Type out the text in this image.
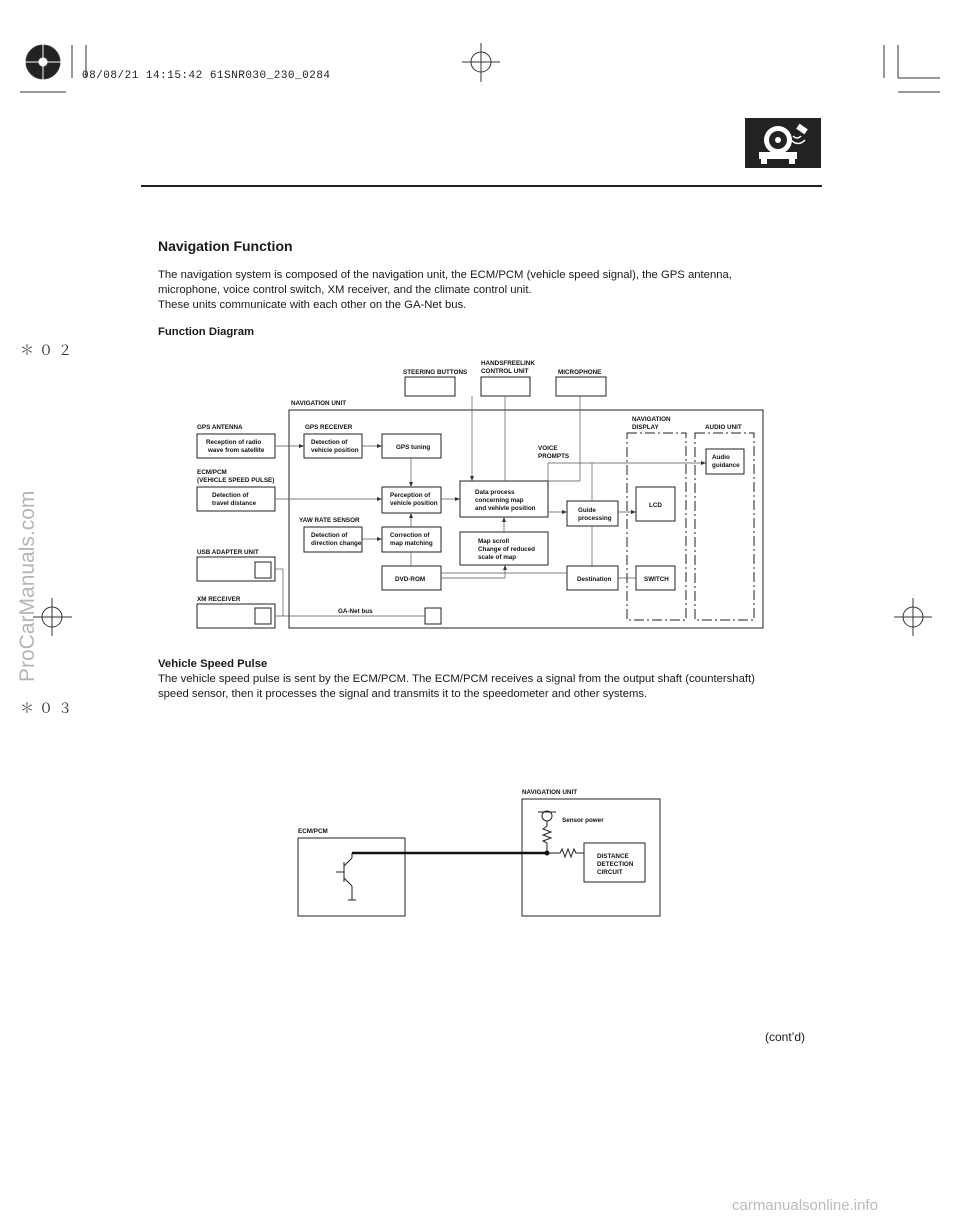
08/08/21 14:15:42 61SNR030_230_0284
ProCarManuals.com
carmanualsonline.info
＊０２
＊０３
Navigation Function
The navigation system is composed of the navigation unit, the ECM/PCM (vehicle speed signal), the GPS antenna,
microphone, voice control switch, XM receiver, and the climate control unit.
These units communicate with each other on the GA-Net bus.
Function Diagram
STEERING BUTTONS
HANDSFREELINK
CONTROL UNIT	MICROPHONE
NAVIGATION UNIT
NAVIGATION
DISPLAY	AUDIO UNIT
GPS ANTENNA	GPS RECEIVER
ECM/PCM
(VEHICLE SPEED PULSE)
YAW RATE SENSOR
USB ADAPTER UNIT
XM RECEIVER
GA-Net bus
VOICE
PROMPTS
Reception of radio
wave from satellite
Detection of
vehicle position	GPS tuning
Detection of
travel distance
Perception of
vehicle position
Data process
concerning map
and vehivle position	Guide
processing
LCD
Audio
guidance
Detection of
direction change
Correction of
map matching	Map scroll
Change of reduced
scale of map
DVD-ROM	Destination	SWITCH
Vehicle Speed Pulse
The vehicle speed pulse is sent by the ECM/PCM. The ECM/PCM receives a signal from the output shaft (countershaft)
speed sensor, then it processes the signal and transmits it to the speedometer and other systems.
NAVIGATION UNIT
ECM/PCM
Sensor power
DISTANCE
DETECTION
CIRCUIT
(cont’d)
